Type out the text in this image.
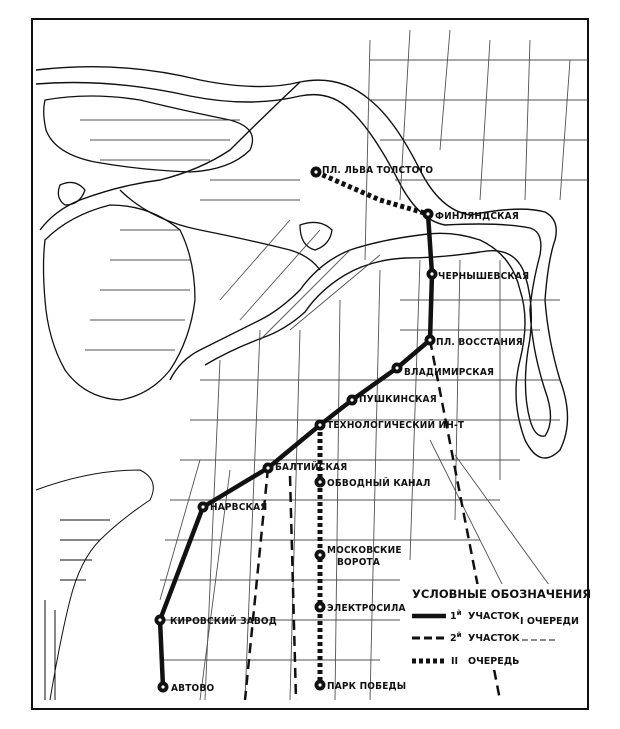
ПЛ. ЛЬВА ТОЛСТОГО
ФИНЛЯНДСКАЯ
ЧЕРНЫШЕВСКАЯ
ПЛ. ВОССТАНИЯ
ВЛАДИМИРСКАЯ
ПУШКИНСКАЯ
ТЕХНОЛОГИЧЕСКИЙ ИН-Т
БАЛТИЙСКАЯ
ОБВОДНЫЙ КАНАЛ
НАРВСКАЯ
МОСКОВСКИЕ
ВОРОТА
ЭЛЕКТРОСИЛА
КИРОВСКИЙ ЗАВОД
ПАРК ПОБЕДЫ
АВТОВО
УСЛОВНЫЕ ОБОЗНАЧЕНИЯ
$1^й$ УЧАСТОК I ОЧЕРЕДИ
$2^й$ УЧАСТОК
II ОЧЕРЕДЬ
